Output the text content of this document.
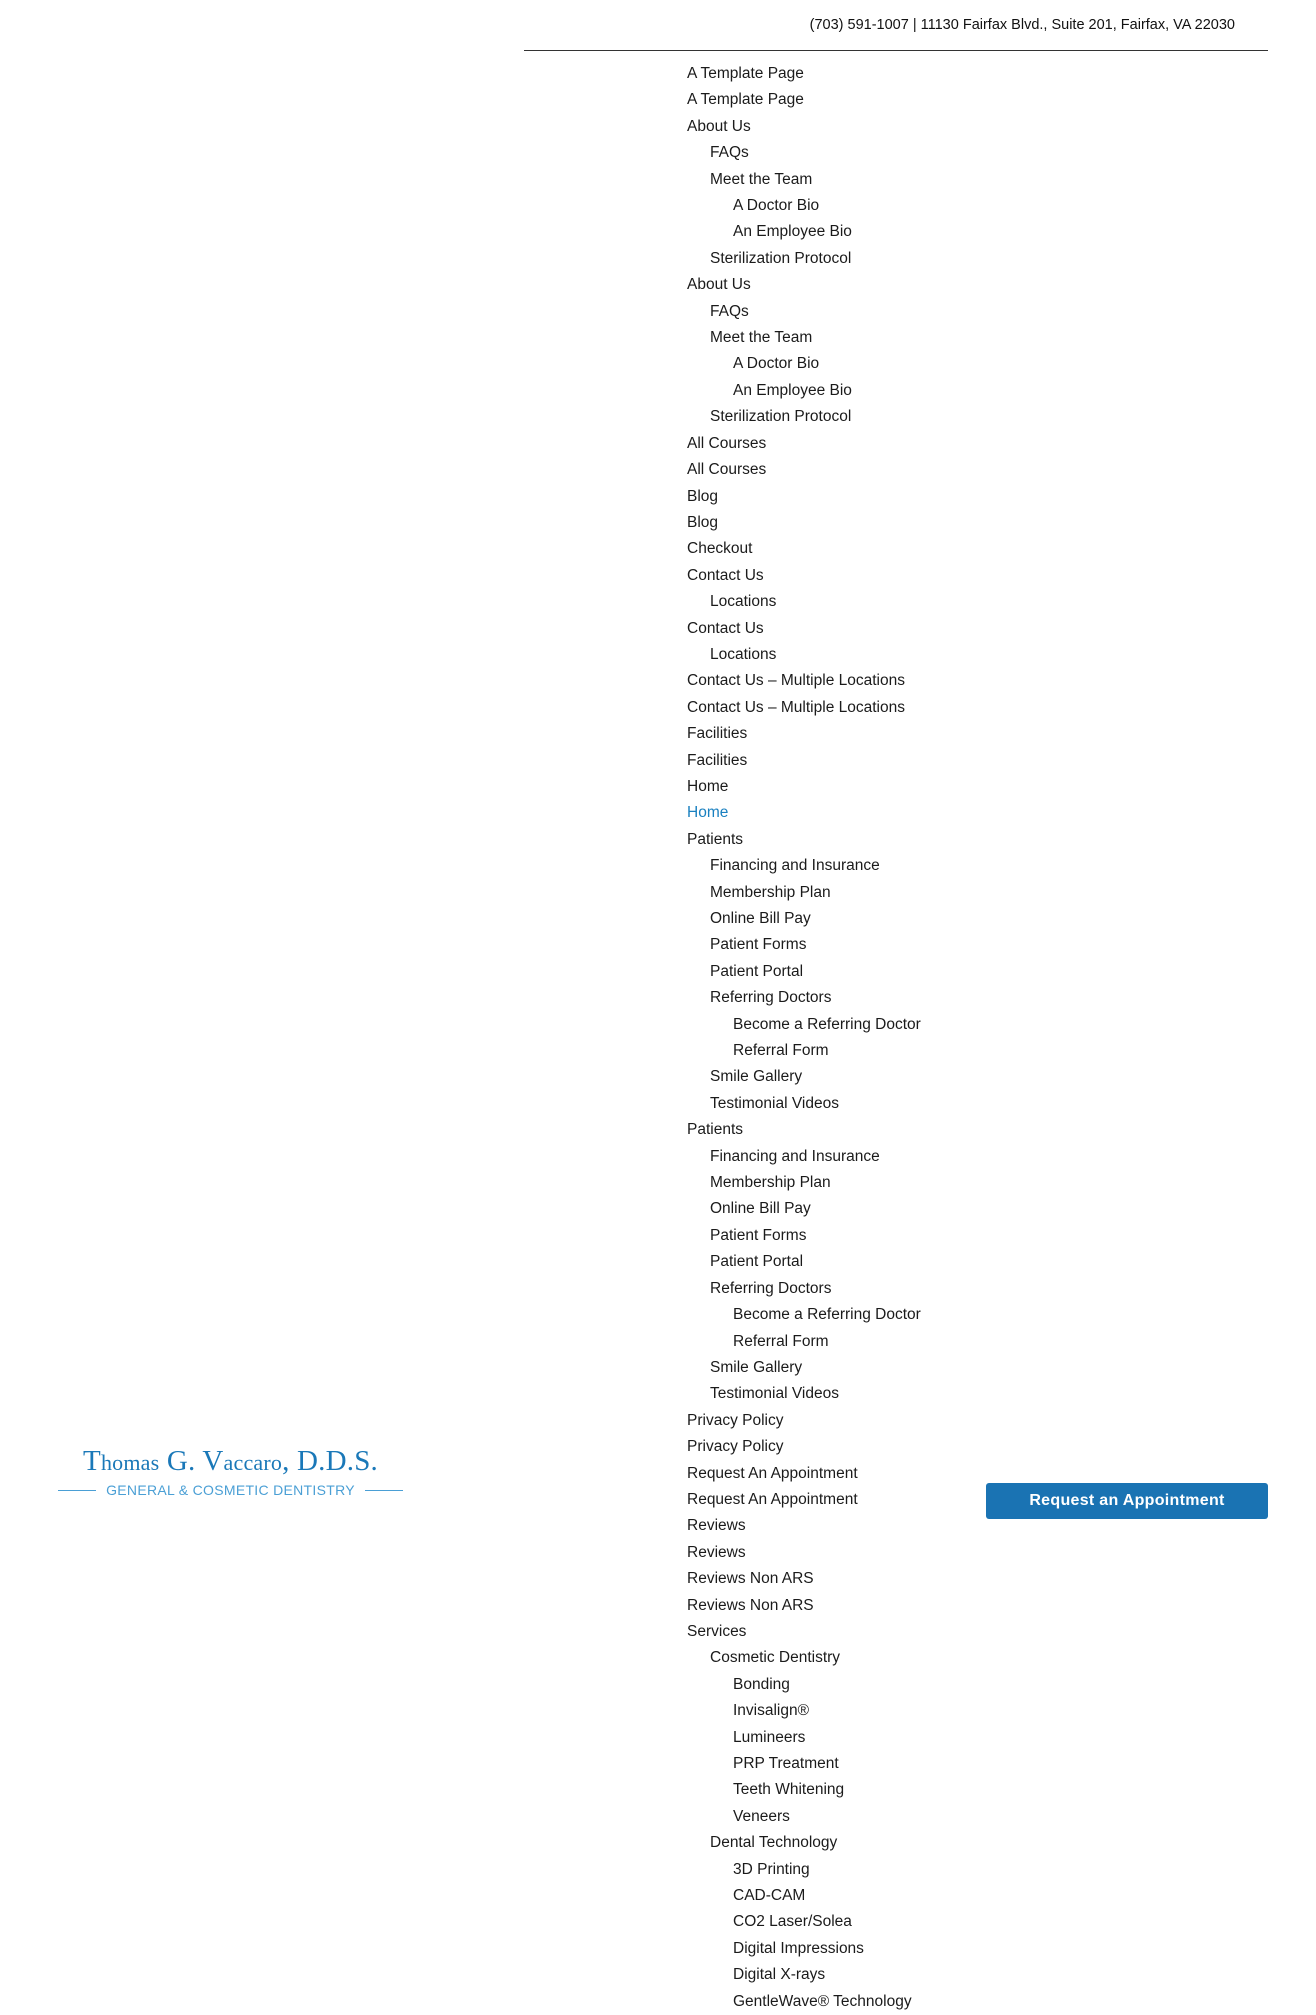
(703) 591-1007 | 11130 Fairfax Blvd., Suite 201, Fairfax, VA 22030
A Template Page
A Template Page
About Us
FAQs
Meet the Team
A Doctor Bio
An Employee Bio
Sterilization Protocol
About Us
FAQs
Meet the Team
A Doctor Bio
An Employee Bio
Sterilization Protocol
All Courses
All Courses
Blog
Blog
Checkout
Contact Us
Locations
Contact Us
Locations
Contact Us – Multiple Locations
Contact Us – Multiple Locations
Facilities
Facilities
Home
Home
Patients
Financing and Insurance
Membership Plan
Online Bill Pay
Patient Forms
Patient Portal
Referring Doctors
Become a Referring Doctor
Referral Form
Smile Gallery
Testimonial Videos
Patients
Financing and Insurance
Membership Plan
Online Bill Pay
Patient Forms
Patient Portal
Referring Doctors
Become a Referring Doctor
Referral Form
Smile Gallery
Testimonial Videos
Privacy Policy
Privacy Policy
Request An Appointment
Request An Appointment
Reviews
Reviews
Reviews Non ARS
Reviews Non ARS
Services
Cosmetic Dentistry
Bonding
Invisalign®
Lumineers
PRP Treatment
Teeth Whitening
Veneers
Dental Technology
3D Printing
CAD-CAM
CO2 Laser/Solea
Digital Impressions
Digital X-rays
GentleWave® Technology
Thomas G. Vaccaro, D.D.S.
GENERAL & COSMETIC DENTISTRY
Request an Appointment
